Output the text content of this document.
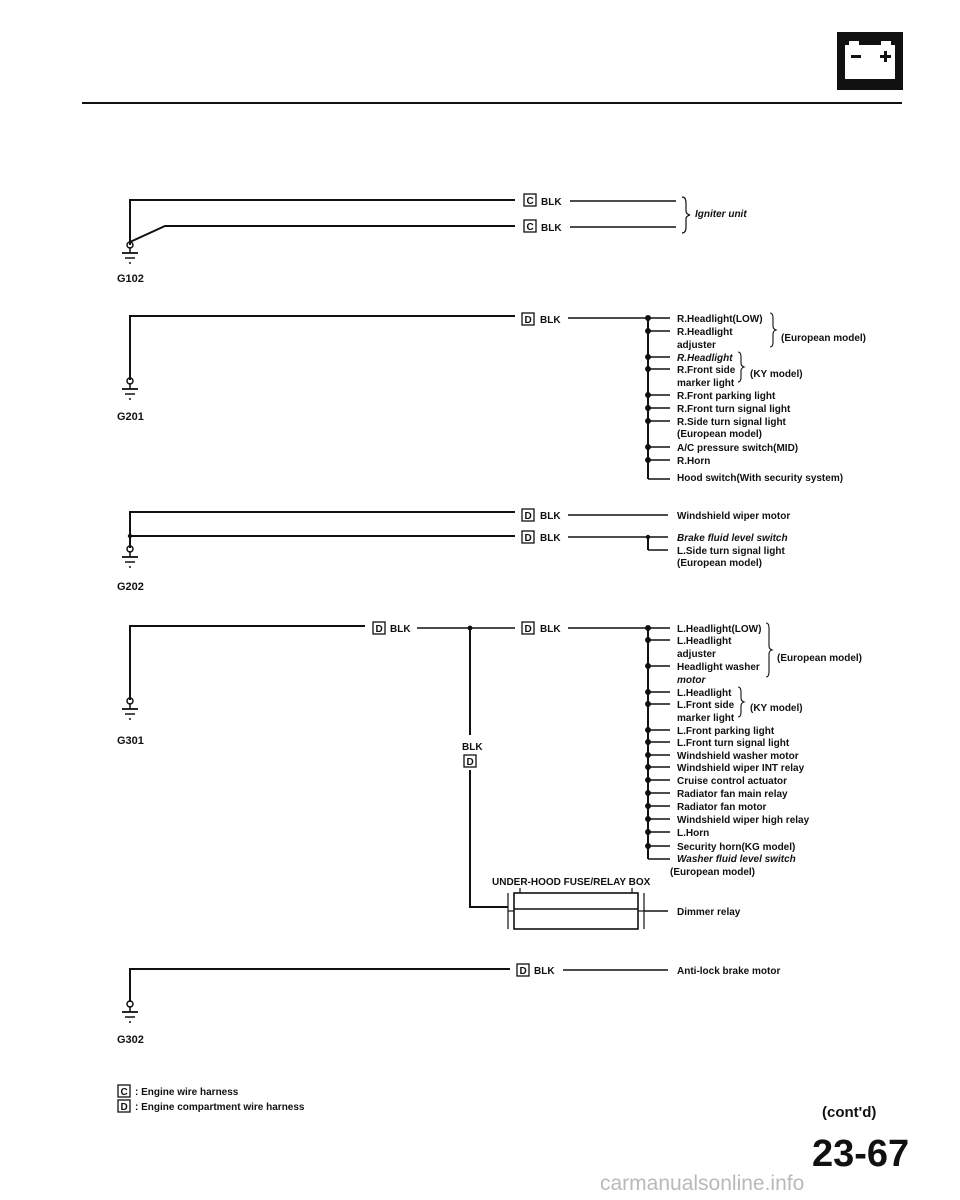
G102
C BLK
C BLK
Igniter unit
G201
D BLK	R.Headlight(LOW)
R.Headlight
adjuster
(European model)
R.Headlight
R.Front side
marker light
(KY model)
R.Front parking light
R.Front turn signal light
R.Side turn signal light
(European model)
A/C pressure switch(MID)
R.Horn
Hood switch(With security system)
G202
D BLK	Windshield wiper motor
D BLK	Brake fluid level switch
L.Side turn signal light
(European model)
G301
D BLK
BLK
D
D BLK	L.Headlight(LOW)
L.Headlight
adjuster
Headlight washer
motor
(European model)
L.Headlight
L.Front side
marker light
(KY model)
L.Front parking light
L.Front turn signal light
Windshield washer motor
Windshield wiper INT relay
Cruise control actuator
Radiator fan main relay
Radiator fan motor
Windshield wiper high relay
L.Horn
Security horn(KG model)
Washer fluid level switch
(European model)
UNDER-HOOD FUSE/RELAY BOX
Dimmer relay
G302
D BLK	Anti-lock brake motor
C : Engine wire harness
D : Engine compartment wire harness	(cont'd)
23-67
carmanualsonline.info
